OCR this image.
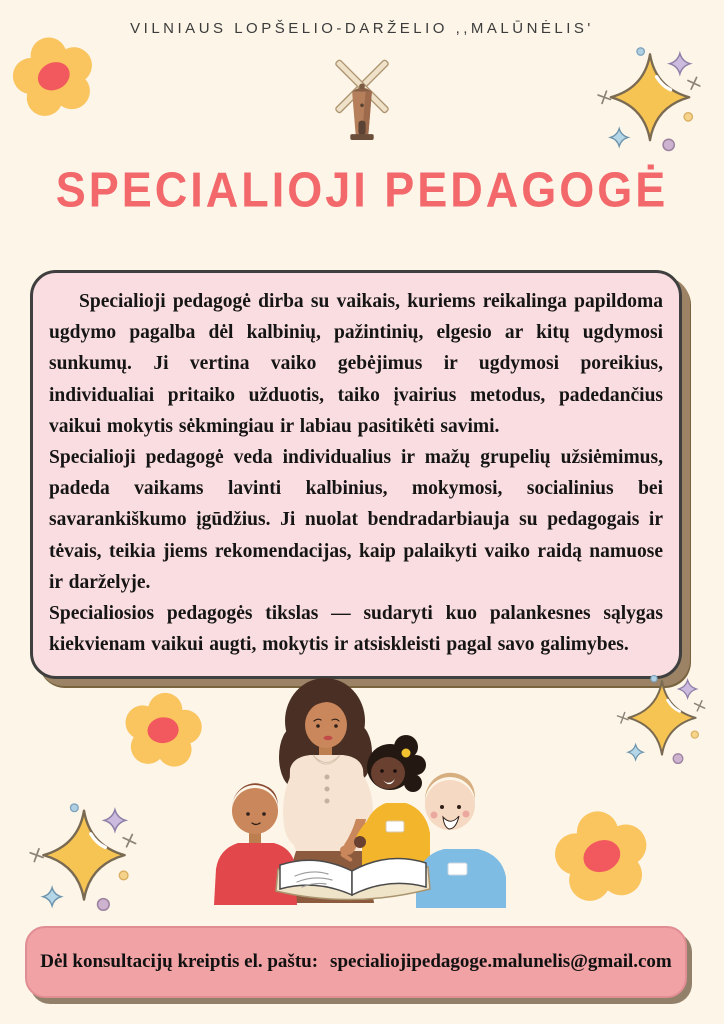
VILNIAUS LOPŠELIO-DARŽELIO ,,MALŪNĖLIS'
SPECIALIOJI PEDAGOGĖ

Specialioji pedagogė dirba su vaikais, kuriems reikalinga papildoma ugdymo pagalba dėl kalbinių, pažintinių, elgesio ar kitų ugdymosi sunkumų. Ji vertina vaiko gebėjimus ir ugdymosi poreikius, individualiai pritaiko užduotis, taiko įvairius metodus, padedančius vaikui mokytis sėkmingiau ir labiau pasitikėti savimi.

Specialioji pedagogė veda individualius ir mažų grupelių užsiėmimus, padeda vaikams lavinti kalbinius, mokymosi, socialinius bei savarankiškumo įgūdžius. Ji nuolat bendradarbiauja su pedagogais ir tėvais, teikia jiems rekomendacijas, kaip palaikyti vaiko raidą namuose ir darželyje.

Specialiosios pedagogės tikslas — sudaryti kuo palankesnes sąlygas kiekvienam vaikui augti, mokytis ir atsiskleisti pagal savo galimybes.

Dėl konsultacijų kreiptis el. paštu: specialiojipedagoge.malunelis@gmail.com
